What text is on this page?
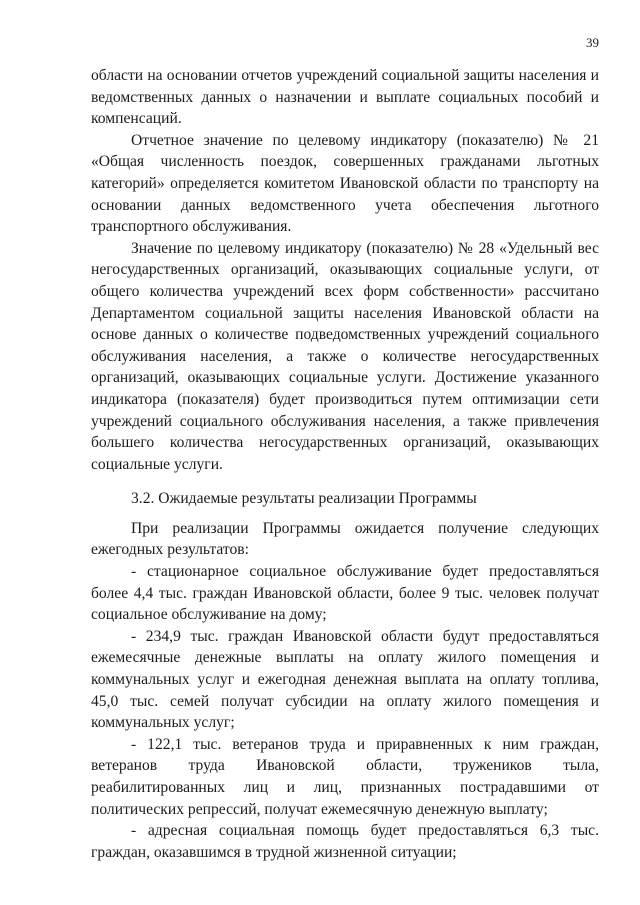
39

области на основании отчетов учреждений социальной защиты населения и ведомственных данных о назначении и выплате социальных пособий и компенсаций.

Отчетное значение по целевому индикатору (показателю) № 21 «Общая численность поездок, совершенных гражданами льготных категорий» определяется комитетом Ивановской области по транспорту на основании данных ведомственного учета обеспечения льготного транспортного обслуживания.

Значение по целевому индикатору (показателю) № 28 «Удельный вес негосударственных организаций, оказывающих социальные услуги, от общего количества учреждений всех форм собственности» рассчитано Департаментом социальной защиты населения Ивановской области на основе данных о количестве подведомственных учреждений социального обслуживания населения, а также о количестве негосударственных организаций, оказывающих социальные услуги. Достижение указанного индикатора (показателя) будет производиться путем оптимизации сети учреждений социального обслуживания населения, а также привлечения большего количества негосударственных организаций, оказывающих социальные услуги.

3.2. Ожидаемые результаты реализации Программы

При реализации Программы ожидается получение следующих ежегодных результатов:

- стационарное социальное обслуживание будет предоставляться более 4,4 тыс. граждан Ивановской области, более 9 тыс. человек получат социальное обслуживание на дому;

- 234,9 тыс. граждан Ивановской области будут предоставляться ежемесячные денежные выплаты на оплату жилого помещения и коммунальных услуг и ежегодная денежная выплата на оплату топлива, 45,0 тыс. семей получат субсидии на оплату жилого помещения и коммунальных услуг;

- 122,1 тыс. ветеранов труда и приравненных к ним граждан, ветеранов труда Ивановской области, тружеников тыла, реабилитированных лиц и лиц, признанных пострадавшими от политических репрессий, получат ежемесячную денежную выплату;

- адресная социальная помощь будет предоставляться 6,3 тыс. граждан, оказавшимся в трудной жизненной ситуации;
